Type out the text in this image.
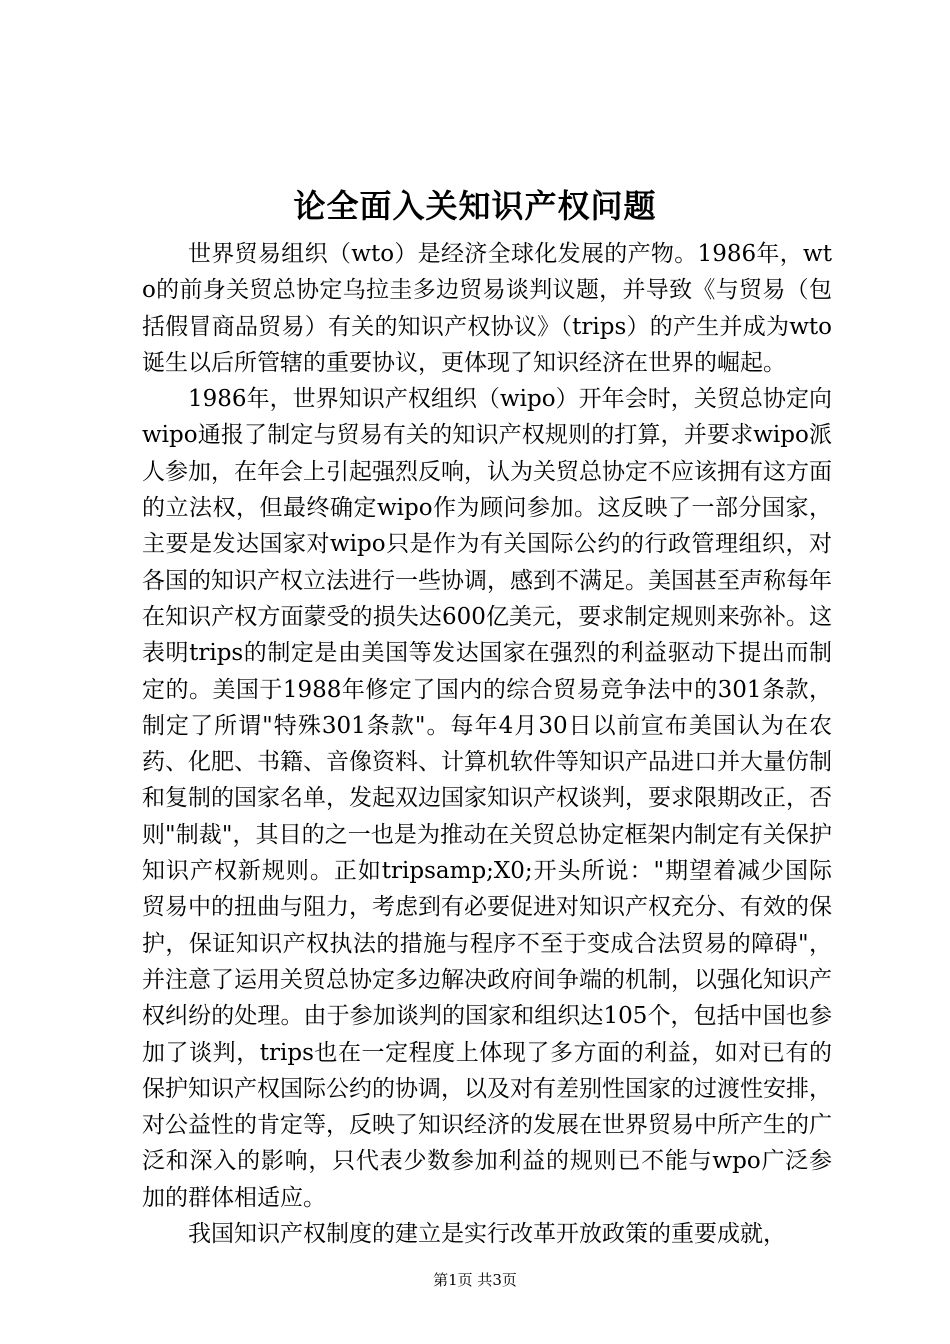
论全面入关知识产权问题

世界贸易组织（wto）是经济全球化发展的产物。1986年，wto的前身关贸总协定乌拉圭多边贸易谈判议题，并导致《与贸易（包括假冒商品贸易）有关的知识产权协议》（trips）的产生并成为wto诞生以后所管辖的重要协议，更体现了知识经济在世界的崛起。

1986年，世界知识产权组织（wipo）开年会时，关贸总协定向wipo通报了制定与贸易有关的知识产权规则的打算，并要求wipo派人参加，在年会上引起强烈反响，认为关贸总协定不应该拥有这方面的立法权，但最终确定wipo作为顾问参加。这反映了一部分国家，主要是发达国家对wipo只是作为有关国际公约的行政管理组织，对各国的知识产权立法进行一些协调，感到不满足。美国甚至声称每年在知识产权方面蒙受的损失达600亿美元，要求制定规则来弥补。这表明trips的制定是由美国等发达国家在强烈的利益驱动下提出而制定的。美国于1988年修定了国内的综合贸易竞争法中的301条款，制定了所谓"特殊301条款"。每年4月30日以前宣布美国认为在农药、化肥、书籍、音像资料、计算机软件等知识产品进口并大量仿制和复制的国家名单，发起双边国家知识产权谈判，要求限期改正，否则"制裁"，其目的之一也是为推动在关贸总协定框架内制定有关保护知识产权新规则。正如tripsamp;X0;开头所说："期望着减少国际贸易中的扭曲与阻力，考虑到有必要促进对知识产权充分、有效的保护，保证知识产权执法的措施与程序不至于变成合法贸易的障碍"，并注意了运用关贸总协定多边解决政府间争端的机制，以强化知识产权纠纷的处理。由于参加谈判的国家和组织达105个，包括中国也参加了谈判，trips也在一定程度上体现了多方面的利益，如对已有的保护知识产权国际公约的协调，以及对有差别性国家的过渡性安排，对公益性的肯定等，反映了知识经济的发展在世界贸易中所产生的广泛和深入的影响，只代表少数参加利益的规则已不能与wpo广泛参加的群体相适应。

我国知识产权制度的建立是实行改革开放政策的重要成就，

第1页 共3页
